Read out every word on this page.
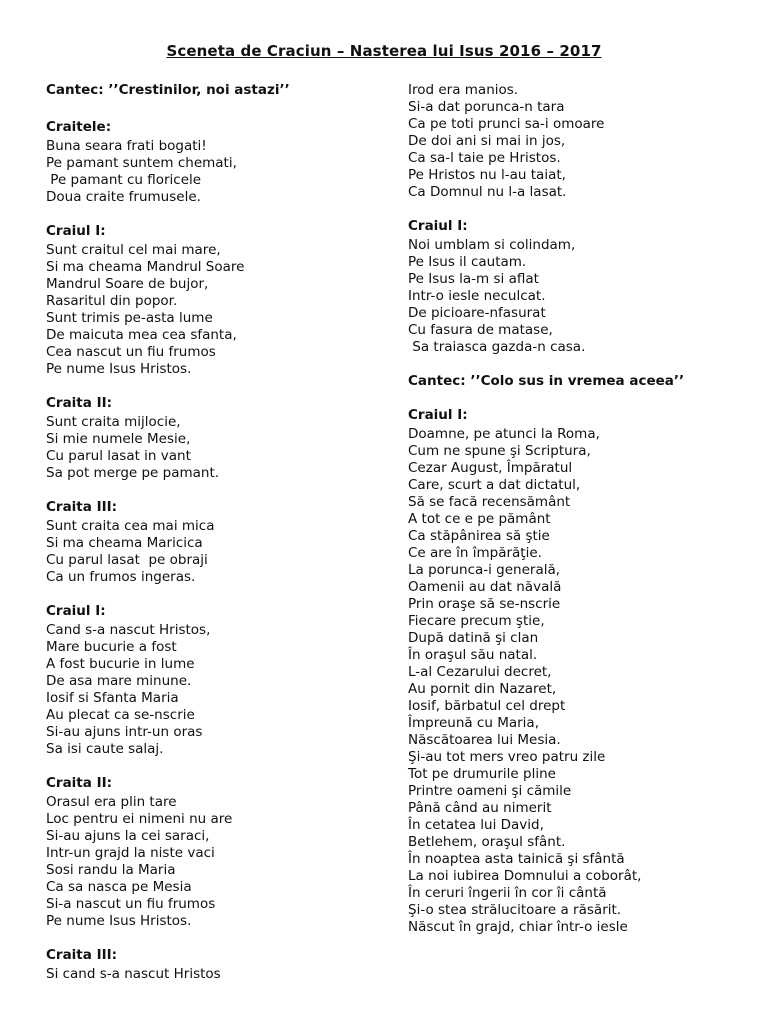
Sceneta de Craciun – Nasterea lui Isus 2016 – 2017
Cantec: ’’Crestinilor, noi astazi’’
Craitele:
Buna seara frati bogati!
Pe pamant suntem chemati,
Pe pamant cu floricele
Doua craite frumusele.
Craiul I:
Sunt craitul cel mai mare,
Si ma cheama Mandrul Soare
Mandrul Soare de bujor,
Rasaritul din popor.
Sunt trimis pe-asta lume
De maicuta mea cea sfanta,
Cea nascut un fiu frumos
Pe nume Isus Hristos.
Craita II:
Sunt craita mijlocie,
Si mie numele Mesie,
Cu parul lasat in vant
Sa pot merge pe pamant.
Craita III:
Sunt craita cea mai mica
Si ma cheama Maricica
Cu parul lasat  pe obraji
Ca un frumos ingeras.
Craiul I:
Cand s-a nascut Hristos,
Mare bucurie a fost
A fost bucurie in lume
De asa mare minune.
Iosif si Sfanta Maria
Au plecat ca se-nscrie
Si-au ajuns intr-un oras
Sa isi caute salaj.
Craita II:
Orasul era plin tare
Loc pentru ei nimeni nu are
Si-au ajuns la cei saraci,
Intr-un grajd la niste vaci
Sosi randu la Maria
Ca sa nasca pe Mesia
Si-a nascut un fiu frumos
Pe nume Isus Hristos.
Craita III:
Si cand s-a nascut Hristos
Irod era manios.
Si-a dat porunca-n tara
Ca pe toti prunci sa-i omoare
De doi ani si mai in jos,
Ca sa-l taie pe Hristos.
Pe Hristos nu l-au taiat,
Ca Domnul nu l-a lasat.
Craiul I:
Noi umblam si colindam,
Pe Isus il cautam.
Pe Isus la-m si aflat
Intr-o iesle neculcat.
De picioare-nfasurat
Cu fasura de matase,
Sa traiasca gazda-n casa.
Cantec: ’’Colo sus in vremea aceea’’
Craiul I:
Doamne, pe atunci la Roma,
Cum ne spune şi Scriptura,
Cezar August, Împăratul
Care, scurt a dat dictatul,
Să se facă recensământ
A tot ce e pe pământ
Ca stăpânirea să ştie
Ce are în împărăţie.
La porunca-i generală,
Oamenii au dat năvală
Prin oraşe să se-nscrie
Fiecare precum ştie,
După datină şi clan
În oraşul său natal.
L-al Cezarului decret,
Au pornit din Nazaret,
Iosif, bărbatul cel drept
Împreună cu Maria,
Născătoarea lui Mesia.
Şi-au tot mers vreo patru zile
Tot pe drumurile pline
Printre oameni şi cămile
Până când au nimerit
În cetatea lui David,
Betlehem, oraşul sfânt.
În noaptea asta tainică şi sfântă
La noi iubirea Domnului a coborât,
În ceruri îngerii în cor îi cântă
Şi-o stea strălucitoare a răsărit.
Născut în grajd, chiar într-o iesle
